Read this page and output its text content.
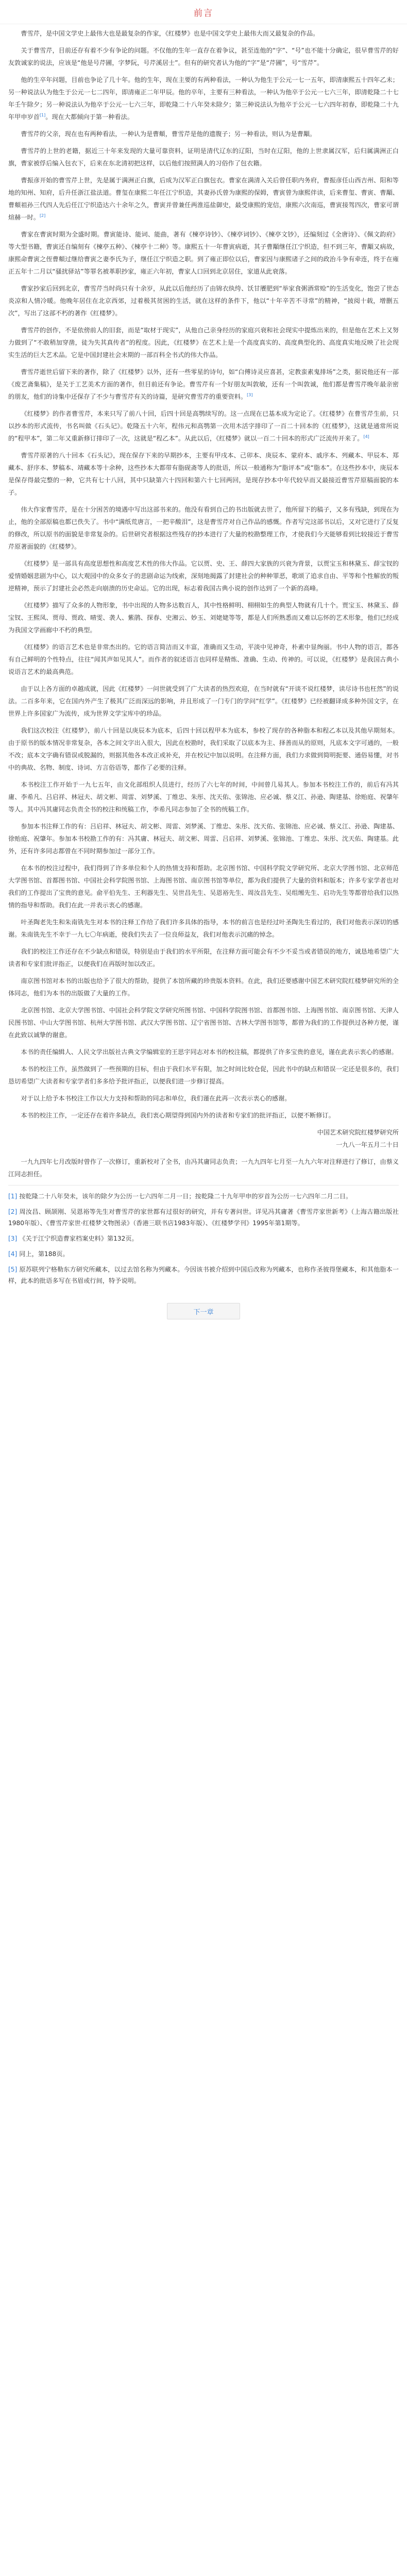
前言

曹雪芹，是中国文学史上最伟大也是最复杂的作家，《红楼梦》也是中国文学史上最伟大而又最复杂的作品。

关于曹雪芹，目前还存有着不少有争论的问题。不仅他的生年一直存在着争议，甚至连他的“字”、“号”也不能十分确定，很早曹雪芹的好友敦诚家的说法，应该是“他是号芹圃，字梦阮，号芹溪居士”。但有的研究者认为他的“字”是“芹圃”，号“雪芹”。

他的生卒年问题，目前也争论了几十年。他的生年，现在主要的有两种看法，一种认为他生于公元一七一五年，即清康熙五十四年乙未；另一种说法认为他生于公元一七二四年，即清雍正二年甲辰。他的卒年，主要有三种看法，一种认为他卒于公元一七六三年，即清乾隆二十七年壬午除夕；另一种说法认为他卒于公元一七六三年，即乾隆二十八年癸未除夕；第三种说法认为他卒于公元一七六四年初春，即乾隆二十九年甲申岁首[1]。现在大都倾向于第一种看法。

曹雪芹的父亲，现在也有两种看法，一种认为是曹頫，曹雪芹是他的遗腹子；另一种看法，则认为是曹顒。

曹雪芹的上世的老籍，据近三十年来发现的大量可靠资料，证明是清代辽东的辽阳，当时在辽阳，他的上世隶属汉军，后归属满洲正白旗，曹家被俘后编入包衣下，后来在东北清初把这样，以后他们按照满人的习俗作了包衣籍。

曹振彦开始的曹雪芹上世，先是属于满洲正白旗，后成为汉军正白旗包衣。曹家在满清入关后曾任职内务府，曹振彦任山西吉州、阳和等地的知州、知府，后升任浙江盐法道。曹玺在康熙二年任江宁织造，其妻孙氏曾为康熙的保姆，曹寅曾为康熙伴读，后来曹玺、曹寅、曹顒、曹頫祖孙三代四人先后任江宁织造达六十余年之久，曹寅并曾兼任两淮巡盐御史，最受康熙的宠信，康熙六次南巡，曹寅接驾四次，曹家可谓煊赫一时。[2]

曹家在曹寅时期为全盛时期。曹寅能诗、能词、能曲，著有《楝亭诗钞》、《楝亭词钞》、《楝亭文钞》，还编刻过《全唐诗》、《佩文韵府》等大型书籍，曹寅还自编刻有《楝亭五种》、《楝亭十二种》等。康熙五十一年曹寅病逝，其子曹顒继任江宁织造，但不到三年，曹顒又病故，康熙命曹寅之侄曹頫过继给曹寅之妻李氏为子，继任江宁织造之职。到了雍正即位以后，曹家因与康熙诸子之间的政治斗争有牵连，终于在雍正五年十二月以“骚扰驿站”等罪名被革职抄家，雍正六年初，曹家人口回到北京居住，家道从此衰落。

曹家抄家后回到北京，曹雪芹当时尚只有十余岁，从此以后他经历了由锦衣纨绔、饫甘餍肥到“举家食粥酒常赊”的生活变化，饱尝了世态炎凉和人情冷暖。他晚年居住在北京西郊，过着极其贫困的生活，就在这样的条件下，他以“十年辛苦不寻常”的精神，“披阅十载，增删五次”，写出了这部不朽的著作《红楼梦》。

曹雪芹的创作，不是依傍前人的旧套，而是“取材于现实”，从他自己亲身经历的家庭兴衰和社会现实中提炼出来的，但是他在艺术上又努力做到了“不敢稍加穿凿，徒为失其真传者”的程度。因此，《红楼梦》在艺术上是一个高度真实的、高度典型化的、高度真实地反映了社会现实生活的巨大艺术品。它是中国封建社会末期的一部百科全书式的伟大作品。

曹雪芹逝世后留下来的著作，除了《红楼梦》以外，还有一些零星的诗句，如“白傅诗灵应喜甚，定教蛮素鬼排场”之类，据说他还有一部《废艺斋集稿》，是关于工艺美术方面的著作，但目前还有争论。曹雪芹有一个好朋友叫敦敏，还有一个叫敦诚，他们都是曹雪芹晚年最亲密的朋友，他们的诗集中还保存了不少与曹雪芹有关的诗篇，是研究曹雪芹的重要资料。[3]

《红楼梦》的作者曹雪芹，本来只写了前八十回，后四十回是高鹗续写的。这一点现在已基本成为定论了。《红楼梦》在曹雪芹生前，只以抄本的形式流传，书名叫做《石头记》。乾隆五十六年，程伟元和高鹗第一次用木活字排印了一百二十回本的《红楼梦》，这就是通常所说的“程甲本”，第二年又重新修订排印了一次，这就是“程乙本”。从此以后，《红楼梦》就以一百二十回本的形式广泛流传开来了。[4]

曹雪芹原著的八十回本《石头记》，现在保存下来的早期抄本，主要有甲戌本、己卯本、庚辰本、蒙府本、戚序本、列藏本、甲辰本、郑藏本、舒序本、梦稿本、靖藏本等十余种，这些抄本大都带有脂砚斋等人的批语，所以一般通称为“脂评本”或“脂本”。在这些抄本中，庚辰本是保存得最完整的一种，它共有七十八回，其中只缺第六十四回和第六十七回两回，是现存抄本中年代较早而又最接近曹雪芹原稿面貌的本子。

伟大作家曹雪芹，是在十分困苦的境遇中写出这部书来的。他没有看到自己的书出版就去世了，他所留下的稿子，又多有残缺，到现在为止，他的全部原稿也都已佚失了。书中“满纸荒唐言，一把辛酸泪”，这是曹雪芹对自己作品的感慨。作者写完这部书以后，又对它进行了反复的修改，所以原书的面貌是非常复杂的。后世研究者根据这些残存的抄本进行了大量的校勘整理工作，才使我们今天能够看到比较接近于曹雪芹原著面貌的《红楼梦》。

《红楼梦》是一部具有高度思想性和高度艺术性的伟大作品。它以贾、史、王、薛四大家族的兴衰为背景，以贾宝玉和林黛玉、薛宝钗的爱情婚姻悲剧为中心，以大观园中的众多女子的悲剧命运为线索，深刻地揭露了封建社会的种种罪恶，歌颂了追求自由、平等和个性解放的叛逆精神，预示了封建社会必然走向崩溃的历史命运。它的出现，标志着我国古典小说的创作达到了一个新的高峰。

《红楼梦》描写了众多的人物形象，书中出现的人物多达数百人，其中性格鲜明、栩栩如生的典型人物就有几十个。贾宝玉、林黛玉、薛宝钗、王熙凤、贾母、贾政、晴雯、袭人、紫鹃、探春、史湘云、妙玉、刘姥姥等等，都是人们所熟悉而又难以忘怀的艺术形象，他们已经成为我国文学画廊中不朽的典型。

《红楼梦》的语言艺术也是非常杰出的。它的语言简洁而又丰富，准确而又生动，平淡中见神奇，朴素中显绚丽。书中人物的语言，都各有自己鲜明的个性特点，往往“闻其声如见其人”。而作者的叙述语言也同样是精炼、准确、生动、传神的。可以说，《红楼梦》是我国古典小说语言艺术的最高典范。

由于以上各方面的卓越成就，因此《红楼梦》一问世就受到了广大读者的热烈欢迎，在当时就有“开谈不说红楼梦，读尽诗书也枉然”的说法。二百多年来，它在国内外产生了极其广泛而深远的影响，并且形成了一门专门的学问“红学”。《红楼梦》已经被翻译成多种外国文字，在世界上许多国家广为流传，成为世界文学宝库中的珍品。

我们这次校注《红楼梦》，前八十回是以庚辰本为底本，后四十回以程甲本为底本，参校了现存的各种脂本和程乙本以及其他早期刻本。由于原书的版本情况非常复杂，各本之间文字出入很大，因此在校勘时，我们采取了以底本为主、择善而从的原则，凡底本文字可通的，一般不改；底本文字确有错误或脱漏的，则据其他各本改正或补充，并在校记中加以说明。在注释方面，我们力求做到简明扼要、通俗易懂，对书中的典故、名物、制度、诗词、方言俗语等，都作了必要的注释。

本书校注工作开始于一九七五年，由文化部组织人员进行，经历了六七年的时间，中间曾几易其人。参加本书校注工作的，前后有冯其庸、李希凡、吕启祥、林冠夫、胡文彬、周雷、刘梦溪、丁维忠、朱彤、沈天佑、张锦池、应必诚、蔡义江、孙逊、陶建基、徐贻庭、祝肇年等人。其中冯其庸同志负责全书的校注和统稿工作，李希凡同志参加了全书的统稿工作。

参加本书注释工作的有：吕启祥、林冠夫、胡文彬、周雷、刘梦溪、丁维忠、朱彤、沈天佑、张锦池、应必诚、蔡义江、孙逊、陶建基、徐贻庭、祝肇年。参加本书校勘工作的有：冯其庸、林冠夫、胡文彬、周雷、吕启祥、刘梦溪、张锦池、丁维忠、朱彤、沈天佑、陶建基。此外，还有许多同志都曾在不同时期参加过一部分工作。

在本书的校注过程中，我们得到了许多单位和个人的热情支持和帮助。北京图书馆、中国科学院文学研究所、北京大学图书馆、北京师范大学图书馆、首都图书馆、中国社会科学院图书馆、上海图书馆、南京图书馆等单位，都为我们提供了大量的资料和版本；许多专家学者也对我们的工作提出了宝贵的意见。俞平伯先生、王利器先生、吴世昌先生、吴恩裕先生、周汝昌先生、吴组缃先生、启功先生等都曾给我们以热情的指导和帮助。我们在此一并表示衷心的感谢。

叶圣陶老先生和朱南铣先生对本书的注释工作给了我们许多具体的指导，本书的前言也是经过叶圣陶先生看过的，我们对他表示深切的感谢。朱南铣先生不幸于一九七〇年病逝，使我们失去了一位良师益友，我们对他表示沉痛的悼念。

我们的校注工作还存在不少缺点和错误，特别是由于我们的水平所限，在注释方面可能会有不少不妥当或者错误的地方，诚恳地希望广大读者和专家们批评指正，以便我们在再版时加以改正。

南京图书馆对本书的出版也给予了很大的帮助，提供了本馆所藏的珍贵版本资料。在此，我们还要感谢中国艺术研究院红楼梦研究所的全体同志，他们为本书的出版做了大量的工作。

北京图书馆、北京大学图书馆、中国社会科学院文学研究所图书馆、中国科学院图书馆、首都图书馆、上海图书馆、南京图书馆、天津人民图书馆、中山大学图书馆、杭州大学图书馆、武汉大学图书馆、辽宁省图书馆、吉林大学图书馆等，都曾为我们的工作提供过各种方便，谨在此致以诚挚的谢意。

本书的责任编辑人、人民文学出版社古典文学编辑室的王思宇同志对本书的校注稿，都提供了许多宝贵的意见，谨在此表示衷心的感谢。

本书的校注工作，虽然做到了一些预期的目标，但由于我们水平有限，加之时间比较仓促，因此书中的缺点和错误一定还是很多的，我们恳切希望广大读者和专家学者们多多给予批评指正，以便我们进一步修订提高。

对于以上给予本书校注工作以大力支持和帮助的同志和单位，我们谨在此再一次表示衷心的感谢。

本书的校注工作，一定还存在着许多缺点，我们衷心期望得到国内外的读者和专家们的批评指正，以便不断修订。

中国艺术研究院红楼梦研究所

一九八一年五月二十日

一九九四年七月改版时曾作了一次修订，重新校对了全书，由冯其庸同志负责；一九九四年七月至一九九六年对注释进行了修订，由蔡义江同志担任。

[1] 按乾隆二十八年癸未，该年的除夕为公历一七六四年二月一日；按乾隆二十九年甲申的岁首为公历一七六四年二月二日。

[2] 周汝昌、顾颉刚、吴恩裕等先生对曹雪芹的家世都有过很好的研究，并有专著问世。详见冯其庸著《曹雪芹家世新考》（上海古籍出版社1980年版）、《曹雪芹家世·红楼梦文物图录》（香港三联书店1983年版）、《红楼梦学刊》1995年第1期等。

[3] 《关于江宁织造曹家档案史料》第132页。

[4] 同上，第188页。

[5] 原苏联列宁格勒东方研究所藏本，以过去馆名称为列藏本。今因该书被介绍到中国后改称为列藏本，也称作圣彼得堡藏本，和其他脂本一样，此本的批语多写在书眉或行间，特予说明。

下一章
